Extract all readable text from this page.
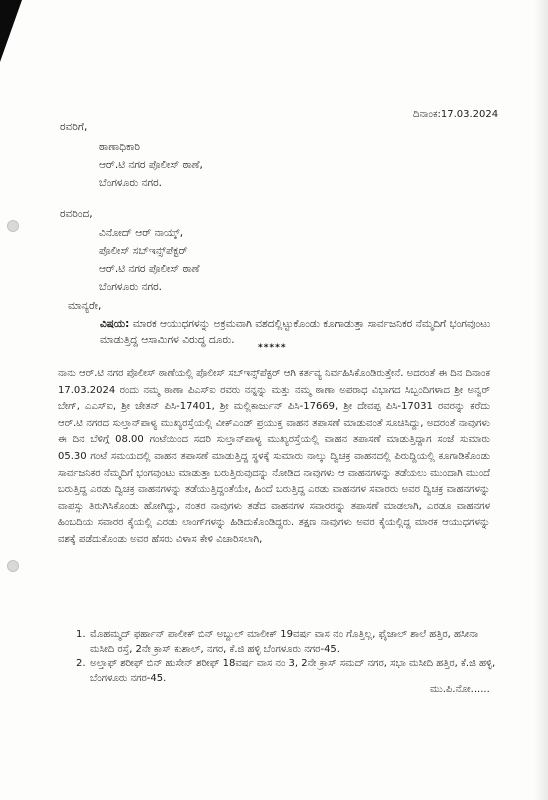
ದಿನಾಂಕ:17.03.2024
ರವರಿಗೆ,
ಠಾಣಾಧಿಕಾರಿ
ಆರ್.ಟಿ ನಗರ ಪೊಲೀಸ್ ಠಾಣೆ,
ಬೆಂಗಳೂರು ನಗರ.
ರವರಿಂದ,
ವಿನೋದ್ ಆರ್ ನಾಯ್ಕ್,
ಪೊಲೀಸ್ ಸಬ್‌ಇನ್ಸ್‌ಪೆಕ್ಟರ್
ಆರ್.ಟಿ ನಗರ ಪೊಲೀಸ್ ಠಾಣೆ
ಬೆಂಗಳೂರು ನಗರ.
ಮಾನ್ಯರೇ,
ವಿಷಯ: ಮಾರಕ ಆಯುಧಗಳನ್ನು ಅಕ್ರಮವಾಗಿ ವಶದಲ್ಲಿಟ್ಟುಕೊಂಡು ಕೂಗಾಡುತ್ತಾ ಸಾರ್ವಜನಿಕರ ನೆಮ್ಮದಿಗೆ ಭಂಗವುಂಟು ಮಾಡುತ್ತಿದ್ದ ಆಸಾಮಿಗಳ ವಿರುದ್ಧ ದೂರು.
*****
ನಾನು ಆರ್.ಟಿ ನಗರ ಪೊಲೀಸ್ ಠಾಣೆಯಲ್ಲಿ ಪೊಲೀಸ್ ಸಬ್‌ಇನ್ಸ್‌ಪೆಕ್ಟರ್ ಆಗಿ ಕರ್ತವ್ಯ ನಿರ್ವಹಿಸಿಕೊಂಡಿರುತ್ತೇನೆ. ಅದರಂತೆ ಈ ದಿನ ದಿನಾಂಕ 17.03.2024 ರಂದು ನಮ್ಮ ಠಾಣಾ ಪಿಎಸ್‌ಐ ರವರು ನನ್ನನ್ನು ಮತ್ತು ನಮ್ಮ ಠಾಣಾ ಅಪರಾಧ ವಿಭಾಗದ ಸಿಬ್ಬಂದಿಗಳಾದ ಶ್ರೀ ಅನ್ವರ್ ಬೇಗ್, ಎಎಸ್ಐ, ಶ್ರೀ ಚೇತನ್ ಪಿಸಿ-17401, ಶ್ರೀ ಮಲ್ಲಿಕಾರ್ಜುನ್ ಪಿಸಿ-17669, ಶ್ರೀ ದೇವಪ್ಪ ಪಿಸಿ-17031 ರವರನ್ನು ಕರೆದು ಆರ್.ಟಿ ನಗರದ ಸುಲ್ತಾನ್‌ಪಾಳ್ಯ ಮುಖ್ಯರಸ್ತೆಯಲ್ಲಿ ವೀಕ್‌ಎಂಡ್ ಪ್ರಯುಕ್ತ ವಾಹನ ತಪಾಸಣೆ ಮಾಡುವಂತೆ ಸೂಚಿಸಿದ್ದು, ಅದರಂತೆ ನಾವುಗಳು ಈ ದಿನ ಬೆಳಿಗ್ಗೆ 08.00 ಗಂಟೆಯಿಂದ ಸದರಿ ಸುಲ್ತಾನ್‌ಪಾಳ್ಯ ಮುಖ್ಯರಸ್ತೆಯಲ್ಲಿ ವಾಹನ ತಪಾಸಣೆ ಮಾಡುತ್ತಿದ್ದಾಗ ಸಂಜೆ ಸುಮಾರು 05.30 ಗಂಟೆ ಸಮಯದಲ್ಲಿ ವಾಹನ ತಪಾಸಣೆ ಮಾಡುತ್ತಿದ್ದ ಸ್ಥಳಕ್ಕೆ ಸುಮಾರು ನಾಲ್ಕು ದ್ವಿಚಕ್ರ ವಾಹನದಲ್ಲಿ ಪಿರುದ್ದಿಯಲ್ಲಿ ಕೂಗಾಡಿಕೊಂಡು ಸಾರ್ವಜನಿಕರ ನೆಮ್ಮದಿಗೆ ಭಂಗವುಂಟು ಮಾಡುತ್ತಾ ಬರುತ್ತಿರುವುದನ್ನು ನೋಡಿದ ನಾವುಗಳು ಆ ವಾಹನಗಳನ್ನು ತಡೆಯಲು ಮುಂದಾಗಿ ಮುಂದೆ ಬರುತ್ತಿದ್ದ ಎರಡು ದ್ವಿಚಕ್ರ ವಾಹನಗಳನ್ನು ತಡೆಯುತ್ತಿದ್ದಂತೆಯೇ, ಹಿಂದೆ ಬರುತ್ತಿದ್ದ ಎರಡು ವಾಹನಗಳ ಸವಾರರು ಅವರ ದ್ವಿಚಕ್ರ ವಾಹನಗಳನ್ನು ವಾಪಸ್ಸು ತಿರುಗಿಸಿಕೊಂಡು ಹೋಗಿದ್ದು, ನಂತರ ನಾವುಗಳು ತಡೆದ ವಾಹನಗಳ ಸವಾರರನ್ನು ತಪಾಸಣೆ ಮಾಡಲಾಗಿ, ಎರಡೂ ವಾಹನಗಳ ಹಿಂಬದಿಯ ಸವಾರರ ಕೈಯಲ್ಲಿ ಎರಡು ಲಾಂಗ್‌ಗಳನ್ನು ಹಿಡಿದುಕೊಂಡಿದ್ದರು. ತಕ್ಷಣ ನಾವುಗಳು ಅವರ ಕೈಯಲ್ಲಿದ್ದ ಮಾರಕ ಆಯುಧಗಳನ್ನು ವಶಕ್ಕೆ ಪಡೆದುಕೊಂಡು ಅವರ ಹೆಸರು ವಿಳಾಸ ಕೇಳಿ ವಿಚಾರಿಸಲಾಗಿ,
1. ಮೊಹಮ್ಮದ್ ಫರ್ಹಾನ್ ಪಾಲೀಕ್ ಬಿನ್ ಅಬ್ದುಲ್ ಮಾಲೀಕ್ 19ವರ್ಷ ವಾಸ ನಂ ಗೊತ್ತಿಲ್ಲ, ಫೈಜಾಲ್ ಶಾಲೆ ಹತ್ತಿರ, ಹಸೀನಾ ಮಸೀದಿ ರಸ್ತೆ, 2ನೇ ಕ್ರಾಸ್ ಕುಶಾಲ್, ನಗರ, ಕೆ.ಜಿ ಹಳ್ಳಿ ಬೆಂಗಳೂರು ನಗರ-45.
2. ಅಲ್ತಾಫ್ ಶರೀಫ್ ಬಿನ್ ಹುಸೇನ್ ಶರೀಫ್ 18ವರ್ಷ ವಾಸ ನಂ 3, 2ನೇ ಕ್ರಾಸ್ ಸಮದ್ ನಗರ, ಸಭಾ ಮಸೀದಿ ಹತ್ತಿರ, ಕೆ.ಜಿ ಹಳ್ಳಿ, ಬೆಂಗಳೂರು ನಗರ-45.
ಮು.ಪಿ.ನೋ......
